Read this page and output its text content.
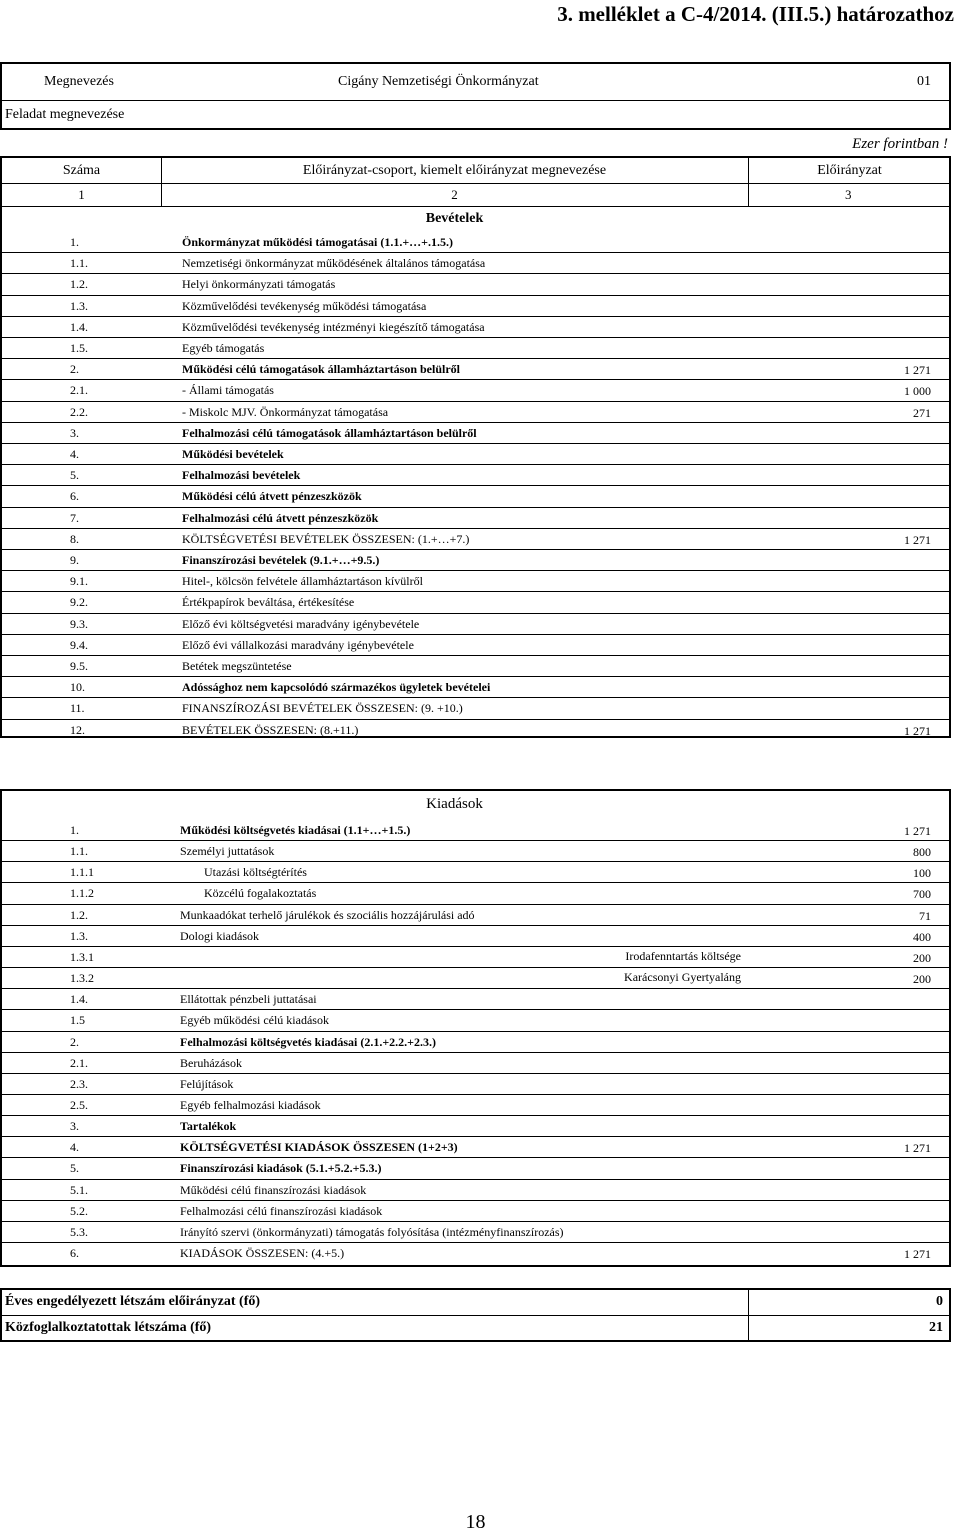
3. melléklet a C-4/2014. (III.5.) határozathoz
Megnevezés	Cigány Nemzetiségi Önkormányzat	01
Feladat megnevezése
Ezer forintban !
Száma	Előirányzat-csoport, kiemelt előirányzat megnevezése	Előirányzat
1	2	3
Bevételek
1.	Önkormányzat működési támogatásai (1.1.+…+.1.5.)
1.1.	Nemzetiségi önkormányzat működésének általános támogatása
1.2.	Helyi önkormányzati támogatás
1.3.	Közművelődési tevékenység működési támogatása
1.4.	Közművelődési tevékenység intézményi kiegészítő támogatása
1.5.	Egyéb támogatás
2.	Működési célú támogatások államháztartáson belülről	1 271
2.1.	- Állami támogatás	1 000
2.2.	- Miskolc MJV. Önkormányzat támogatása	271
3.	Felhalmozási célú támogatások államháztartáson belülről
4.	Működési bevételek
5.	Felhalmozási bevételek
6.	Működési célú átvett pénzeszközök
7.	Felhalmozási célú átvett pénzeszközök
8.	KÖLTSÉGVETÉSI BEVÉTELEK ÖSSZESEN: (1.+…+7.)	1 271
9.	Finanszírozási bevételek (9.1.+…+9.5.)
9.1.	Hitel-, kölcsön felvétele államháztartáson kívülről
9.2.	Értékpapírok beváltása, értékesítése
9.3.	Előző évi költségvetési maradvány igénybevétele
9.4.	Előző évi vállalkozási maradvány igénybevétele
9.5.	Betétek megszüntetése
10.	Adóssághoz nem kapcsolódó származékos ügyletek bevételei
11.	FINANSZÍROZÁSI BEVÉTELEK ÖSSZESEN: (9. +10.)
12.	BEVÉTELEK ÖSSZESEN: (8.+11.)	1 271
Kiadások
1.	Működési költségvetés kiadásai (1.1+…+1.5.)	1 271
1.1.	Személyi juttatások	800
1.1.1	Utazási költségtérítés	100
1.1.2	Közcélú fogalakoztatás	700
1.2.	Munkaadókat terhelő járulékok és szociális hozzájárulási adó	71
1.3.	Dologi kiadások	400
1.3.1	Irodafenntartás költsége	200
1.3.2	Karácsonyi Gyertyaláng	200
1.4.	Ellátottak pénzbeli juttatásai
1.5	Egyéb működési célú kiadások
2.	Felhalmozási költségvetés kiadásai (2.1.+2.2.+2.3.)
2.1.	Beruházások
2.3.	Felújítások
2.5.	Egyéb felhalmozási kiadások
3.	Tartalékok
4.	KÖLTSÉGVETÉSI KIADÁSOK ÖSSZESEN (1+2+3)	1 271
5.	Finanszírozási kiadások (5.1.+5.2.+5.3.)
5.1.	Működési célú finanszírozási kiadások
5.2.	Felhalmozási célú finanszírozási kiadások
5.3.	Irányító szervi (önkormányzati) támogatás folyósítása (intézményfinanszírozás)
6.	KIADÁSOK ÖSSZESEN: (4.+5.)	1 271
Éves engedélyezett létszám előirányzat (fő)	0
Közfoglalkoztatottak létszáma (fő)	21
18
